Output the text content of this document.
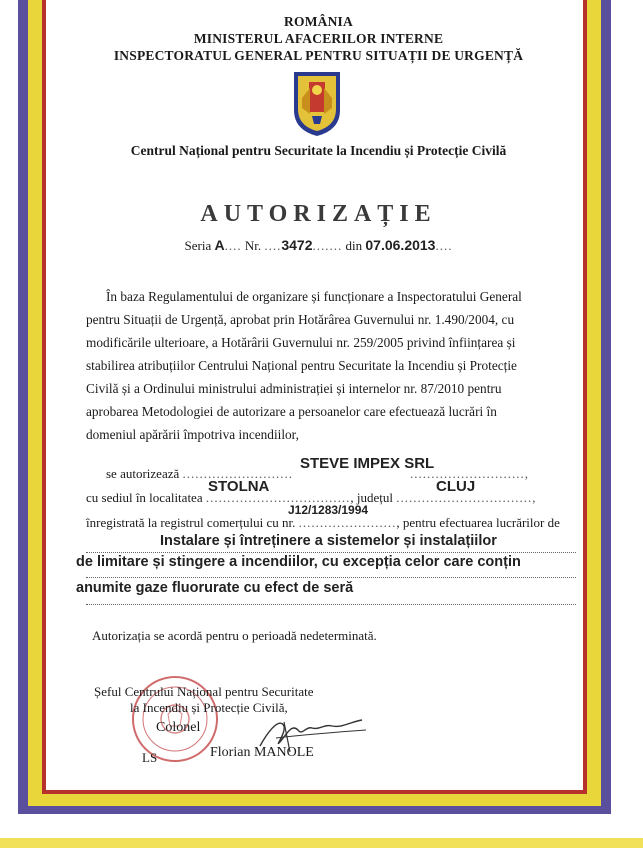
ROMÂNIA
MINISTERUL AFACERILOR INTERNE
INSPECTORATUL GENERAL PENTRU SITUAȚII DE URGENȚĂ
Centrul Național pentru Securitate la Incendiu și Protecție Civilă
AUTORIZAȚIE
Seria A.... Nr. ....3472....... din 07.06.2013....
În baza Regulamentului de organizare și funcționare a Inspectoratului General
pentru Situații de Urgență, aprobat prin Hotărârea Guvernului nr. 1.490/2004, cu
modificările ulterioare, a Hotărârii Guvernului nr. 259/2005 privind înființarea și
stabilirea atribuțiilor Centrului Național pentru Securitate la Incendiu și Protecție
Civilă și a Ordinului ministrului administrației și internelor nr. 87/2010 pentru
aprobarea Metodologiei de autorizare a persoanelor care efectuează lucrări în
domeniul apărării împotriva incendiilor,
se autorizează ..........................
STEVE IMPEX SRL
...........................,
cu sediul în localitatea .................................., județul ................................,
STOLNA	CLUJ
înregistrată la registrul comerțului cu nr. ......................., pentru efectuarea lucrărilor de
J12/1283/1994
Instalare și întreținere a sistemelor și instalațiilor
de limitare și stingere a incendiilor, cu excepția celor care conțin
anumite gaze fluorurate cu efect de seră
Autorizația se acordă pentru o perioadă nedeterminată.
Șeful Centrului Național pentru Securitate
la Incendiu și Protecție Civilă,
Colonel
LS	Florian MANOLE
